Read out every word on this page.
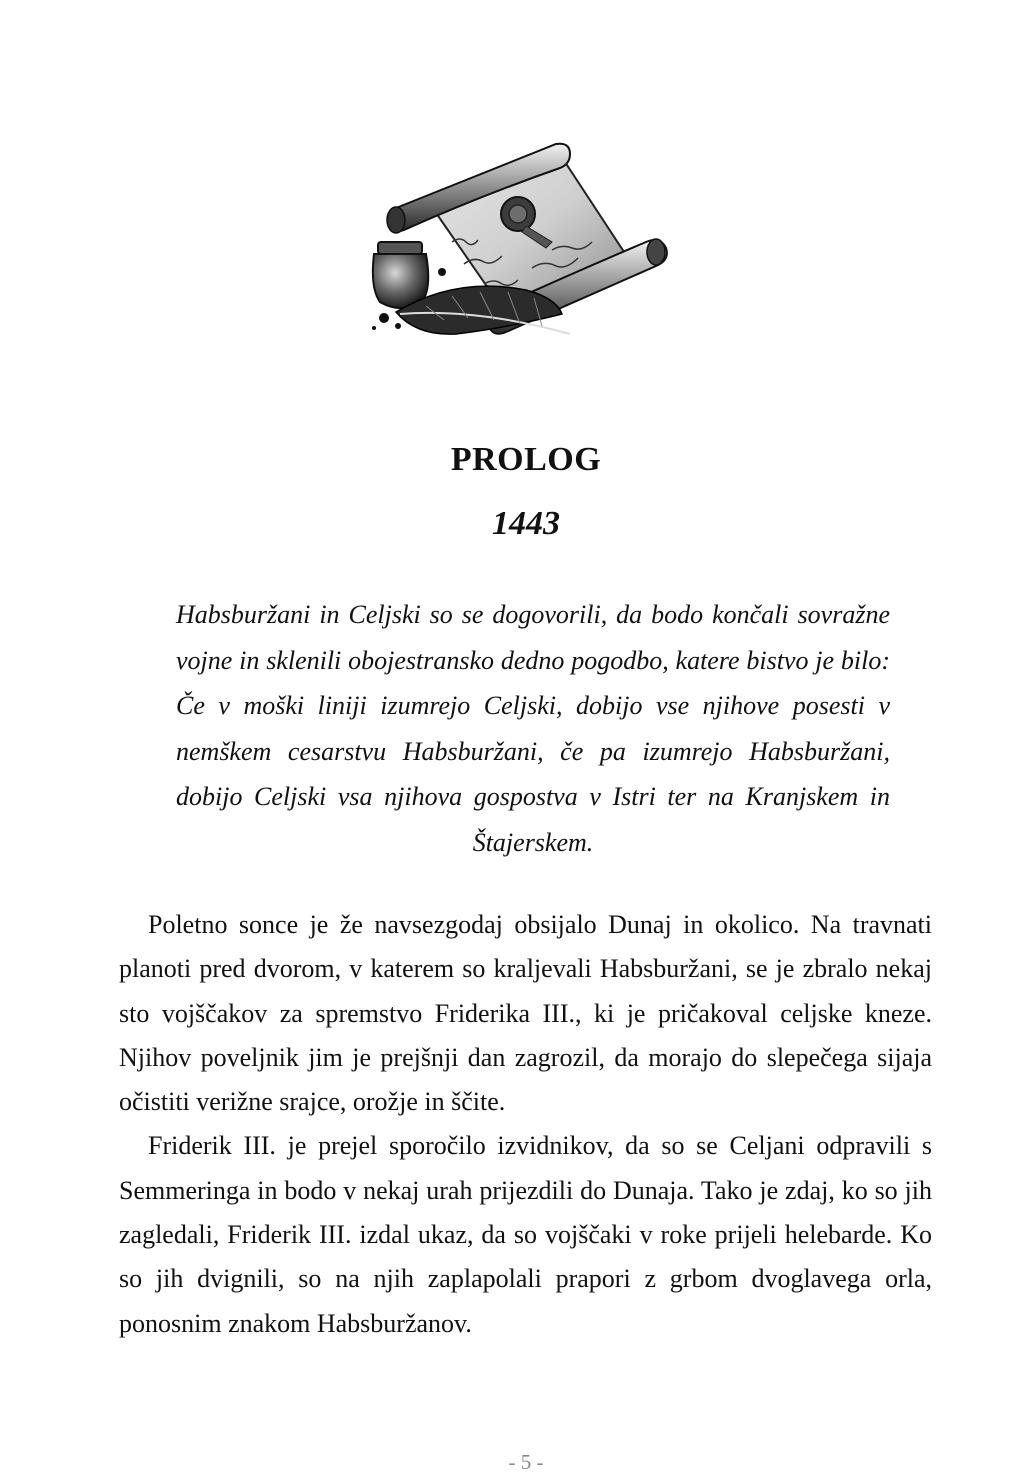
PROLOG
1443

Habsburžani in Celjski so se dogovorili, da bodo končali sovražne vojne in sklenili obojestransko dedno pogodbo, katere bistvo je bilo: Če v moški liniji izumrejo Celjski, dobijo vse njihove posesti v nemškem cesarstvu Habsburžani, če pa izumrejo Habsburžani, dobijo Celjski vsa njihova gospostva v Istri ter na Kranjskem in Štajerskem.

Poletno sonce je že navsezgodaj obsijalo Dunaj in okolico. Na travnati planoti pred dvorom, v katerem so kraljevali Habsburžani, se je zbralo nekaj sto vojščakov za spremstvo Friderika III., ki je pričakoval celjske kneze. Njihov poveljnik jim je prejšnji dan zagrozil, da morajo do slepečega sijaja očistiti verižne srajce, orožje in ščite.

Friderik III. je prejel sporočilo izvidnikov, da so se Celjani odpravili s Semmeringa in bodo v nekaj urah prijezdili do Dunaja. Tako je zdaj, ko so jih zagledali, Friderik III. izdal ukaz, da so vojščaki v roke prijeli helebarde. Ko so jih dvignili, so na njih zaplapolali prapori z grbom dvoglavega orla, ponosnim znakom Habsburžanov.

- 5 -
